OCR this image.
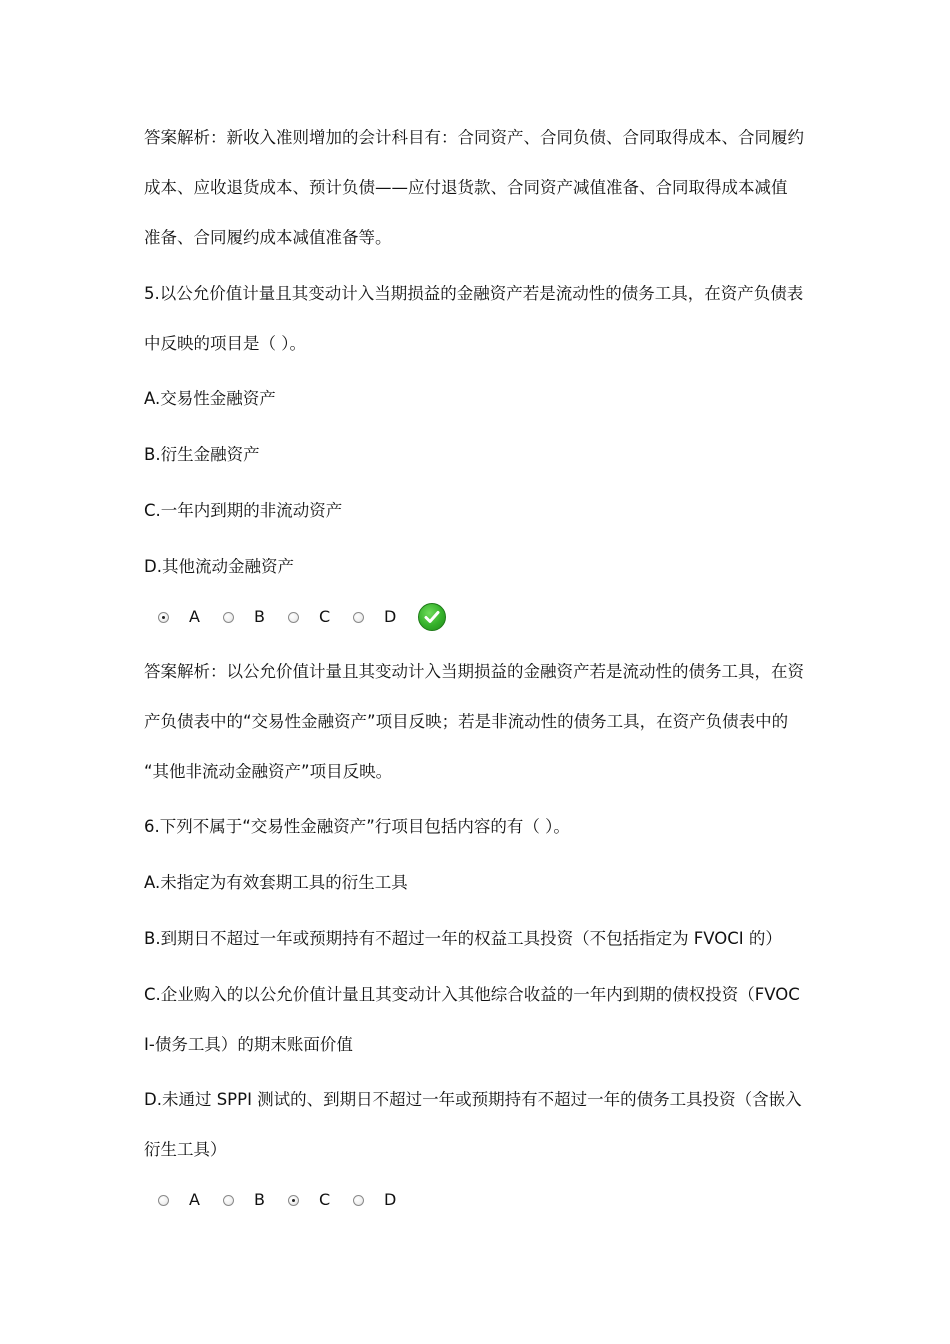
答案解析：新收入准则增加的会计科目有：合同资产、合同负债、合同取得成本、合同履约
成本、应收退货成本、预计负债——应付退货款、合同资产减值准备、合同取得成本减值
准备、合同履约成本减值准备等。
5.以公允价值计量且其变动计入当期损益的金融资产若是流动性的债务工具，在资产负债表
中反映的项目是（ ）。
A.交易性金融资产
B.衍生金融资产
C.一年内到期的非流动资产
D.其他流动金融资产
A	B	C	D
答案解析：以公允价值计量且其变动计入当期损益的金融资产若是流动性的债务工具，在资
产负债表中的“交易性金融资产”项目反映；若是非流动性的债务工具，在资产负债表中的
“其他非流动金融资产”项目反映。
6.下列不属于“交易性金融资产”行项目包括内容的有（ ）。
A.未指定为有效套期工具的衍生工具
B.到期日不超过一年或预期持有不超过一年的权益工具投资（不包括指定为 FVOCI 的）
C.企业购入的以公允价值计量且其变动计入其他综合收益的一年内到期的债权投资（FVOC
I-债务工具）的期末账面价值
D.未通过 SPPI 测试的、到期日不超过一年或预期持有不超过一年的债务工具投资（含嵌入
衍生工具）
A	B	C	D
